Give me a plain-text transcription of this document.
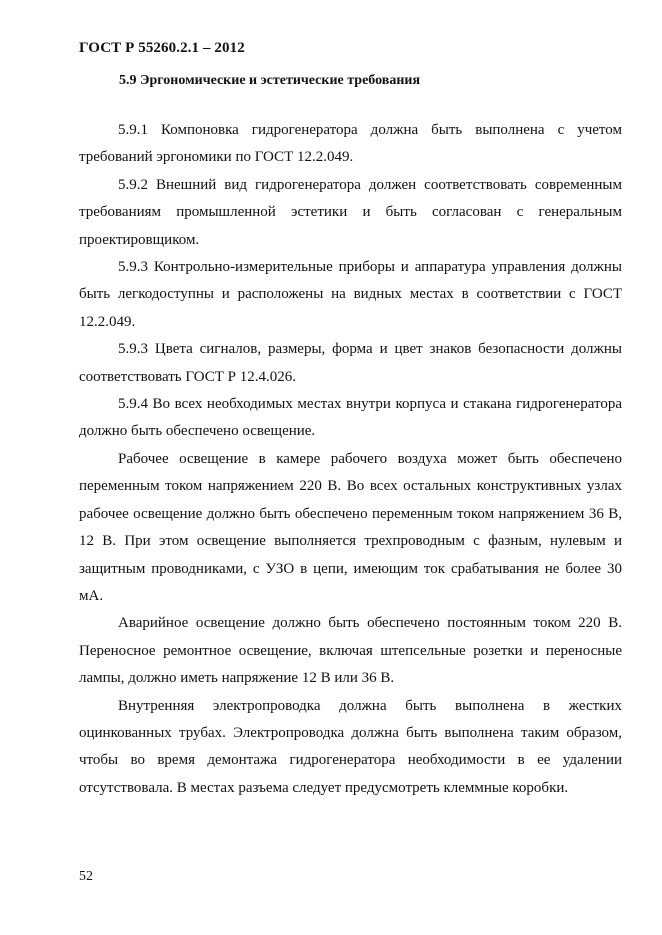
ГОСТ Р 55260.2.1 – 2012
5.9 Эргономические и эстетические требования

5.9.1 Компоновка гидрогенератора должна быть выполнена с учетом требований эргономики по ГОСТ 12.2.049.

5.9.2 Внешний вид гидрогенератора должен соответствовать современным требованиям промышленной эстетики и быть согласован с генеральным проектировщиком.

5.9.3 Контрольно-измерительные приборы и аппаратура управления должны быть легкодоступны и расположены на видных местах в соответствии с ГОСТ 12.2.049.

5.9.3 Цвета сигналов, размеры, форма и цвет знаков безопасности должны соответствовать ГОСТ Р 12.4.026.

5.9.4 Во всех необходимых местах внутри корпуса и стакана гидрогенератора должно быть обеспечено освещение.

Рабочее освещение в камере рабочего воздуха может быть обеспечено переменным током напряжением 220 В. Во всех остальных конструктивных узлах рабочее освещение должно быть обеспечено переменным током напряжением 36 В, 12 В. При этом освещение выполняется трехпроводным с фазным, нулевым и защитным проводниками, с УЗО в цепи, имеющим ток срабатывания не более 30 мА.

Аварийное освещение должно быть обеспечено постоянным током 220 В. Переносное ремонтное освещение, включая штепсельные розетки и переносные лампы, должно иметь напряжение 12 В или 36 В.

Внутренняя электропроводка должна быть выполнена в жестких оцинкованных трубах. Электропроводка должна быть выполнена таким образом, чтобы во время демонтажа гидрогенератора необходимости в ее удалении отсутствовала. В местах разъема следует предусмотреть клеммные коробки.

52
